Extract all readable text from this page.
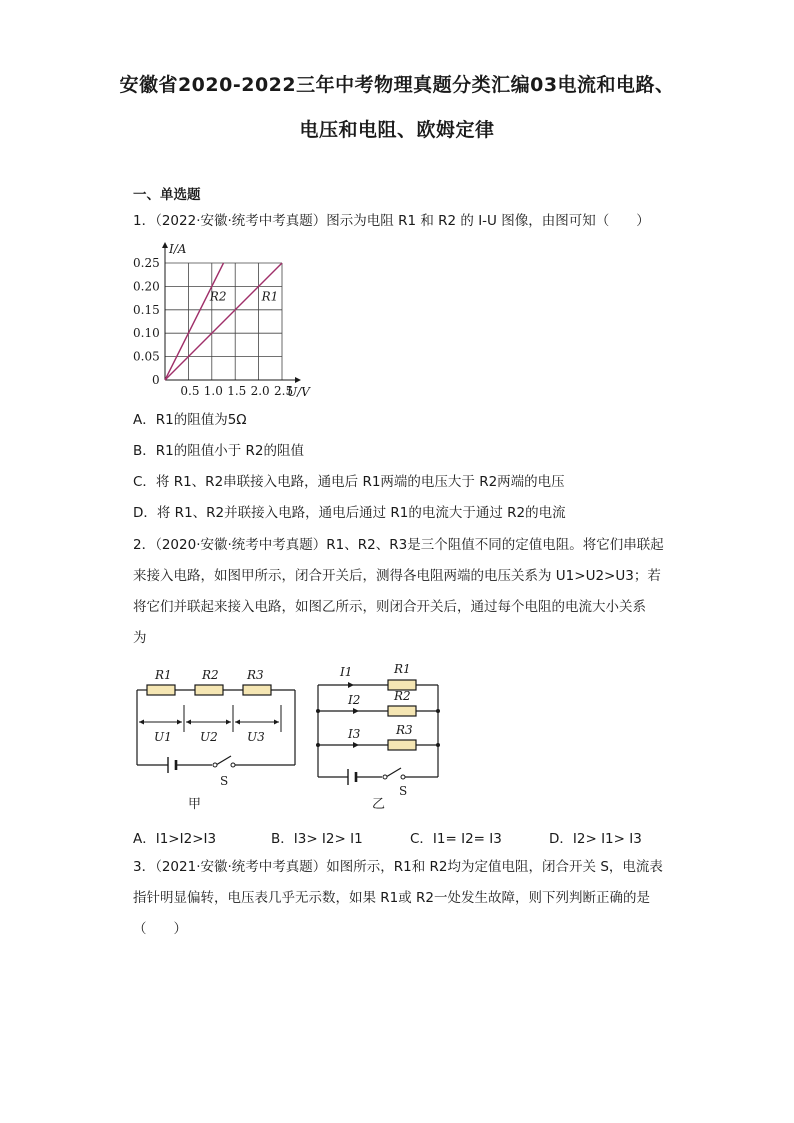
安徽省2020-2022三年中考物理真题分类汇编03电流和电路、
电压和电阻、欧姆定律
一、单选题
1．（2022·安徽·统考中考真题）图示为电阻 R1 和 R2 的 I-U 图像，由图可知（　　）
0.5 1.0 1.5 2.0 2.5
0.05
0.10
0.15
0.20
0.25
0
U/V
I/A
R2	R1
A．R1的阻值为5Ω
B．R1的阻值小于 R2的阻值
C．将 R1、R2串联接入电路，通电后 R1两端的电压大于 R2两端的电压
D．将 R1、R2并联接入电路，通电后通过 R1的电流大于通过 R2的电流
2．（2020·安徽·统考中考真题）R1、R2、R3是三个阻值不同的定值电阻。将它们串联起
来接入电路，如图甲所示，闭合开关后，测得各电阻两端的电压关系为 U1>U2>U3；若
将它们并联起来接入电路，如图乙所示，则闭合开关后，通过每个电阻的电流大小关系
为
R1	R2 R3
U1 U2 U3
S
甲
I1
I2
I3
R1
R2
R3
S
乙
A．I1>I2>I3	B．I3> I2> I1	C．I1= I2= I3	D．I2> I1> I3
3．（2021·安徽·统考中考真题）如图所示，R1和 R2均为定值电阻，闭合开关 S，电流表
指针明显偏转，电压表几乎无示数，如果 R1或 R2一处发生故障，则下列判断正确的是
（　　）
